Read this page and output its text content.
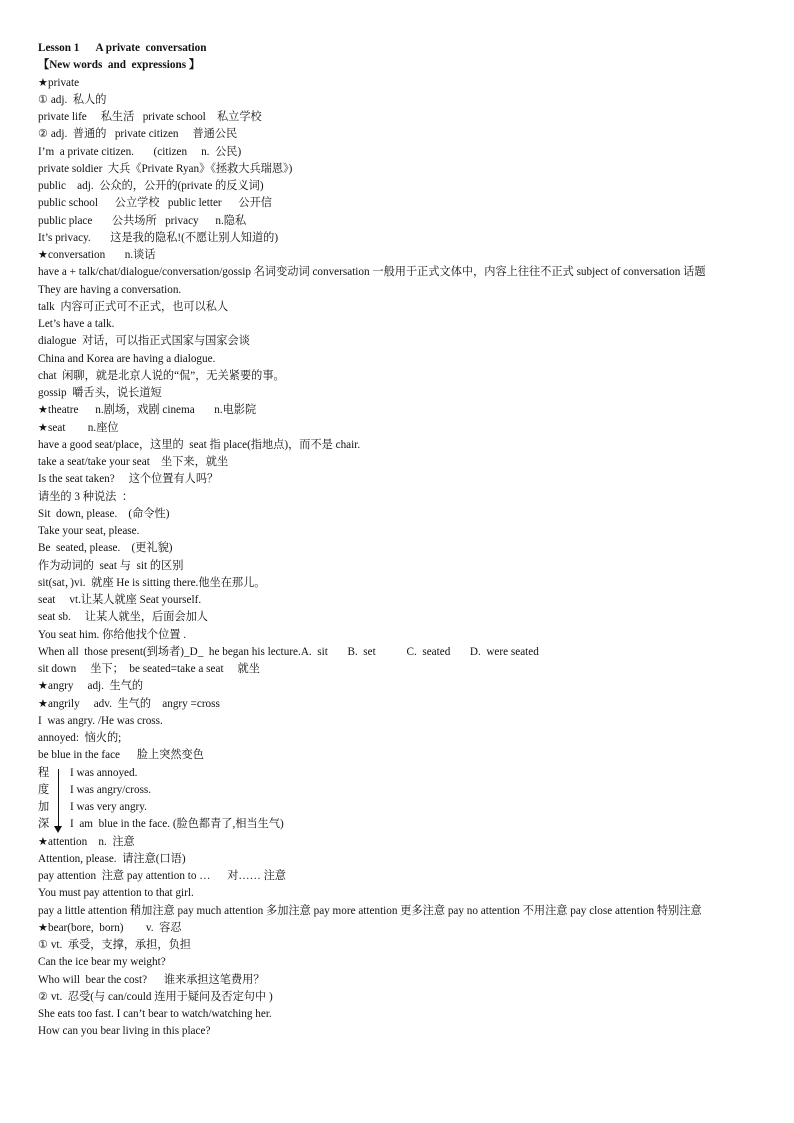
Lesson 1      A private  conversation
【New words  and  expressions 】
★private
① adj.  私人的
private life     私生活   private school    私立学校
② adj.  普通的   private citizen     普通公民
I’m  a private citizen.       (citizen     n.  公民)
private soldier  大兵《Private Ryan》《拯救大兵瑞恩》)
public    adj.  公众的，公开的(private 的反义词)
public school      公立学校   public letter      公开信
public place       公共场所   privacy      n.隐私
It’s privacy.       这是我的隐私!(不愿让别人知道的)
★conversation       n.谈话
have a + talk/chat/dialogue/conversation/gossip 名词变动词 conversation 一般用于正式文体中，内容上往往不正式 subject of conversation 话题
They are having a conversation.
talk  内容可正式可不正式，也可以私人
Let’s have a talk.
dialogue  对话，可以指正式国家与国家会谈
China and Korea are having a dialogue.
chat  闲聊，就是北京人说的“侃”，无关紧要的事。
gossip  嚼舌头，说长道短
★theatre      n.剧场，戏剧 cinema       n.电影院
★seat        n.座位
have a good seat/place，这里的  seat 指 place(指地点)，而不是 chair.
take a seat/take your seat    坐下来，就坐
Is the seat taken?     这个位置有人吗？
请坐的 3 种说法  ：
Sit  down, please.    (命令性)
Take your seat, please.
Be  seated, please.    (更礼貌)
作为动词的  seat 与  sit 的区别
sit(sat，)vi.  就座 He is sitting there.他坐在那儿。
seat     vt.让某人就座 Seat yourself.
seat sb.     让某人就坐，后面会加人
You seat him. 你给他找个位置 .
When all  those present(到场者)_D_  he began his lecture.A.  sit       B.  set           C.  seated       D.  were seated
sit down     坐下；  be seated=take a seat     就坐
★angry     adj.  生气的
★angrily     adv.  生气的    angry =cross
I  was angry. /He was cross.
annoyed:  恼火的;
be blue in the face      脸上突然变色
程	I was annoyed.
度	I was angry/cross.
加	I was very angry.
深	I  am  blue in the face. (脸色都青了,相当生气)
★attention    n.  注意
Attention, please.  请注意(口语)
pay attention  注意 pay attention to …      对…… 注意
You must pay attention to that girl.
pay a little attention 稍加注意 pay much attention 多加注意 pay more attention 更多注意 pay no attention 不用注意 pay close attention 特别注意
★bear(bore,  born)        v.  容忍
① vt.  承受，支撑，承担，负担
Can the ice bear my weight?
Who will  bear the cost?      谁来承担这笔费用？
② vt.  忍受(与 can/could 连用于疑问及否定句中 )
She eats too fast. I can’t bear to watch/watching her.
How can you bear living in this place?
